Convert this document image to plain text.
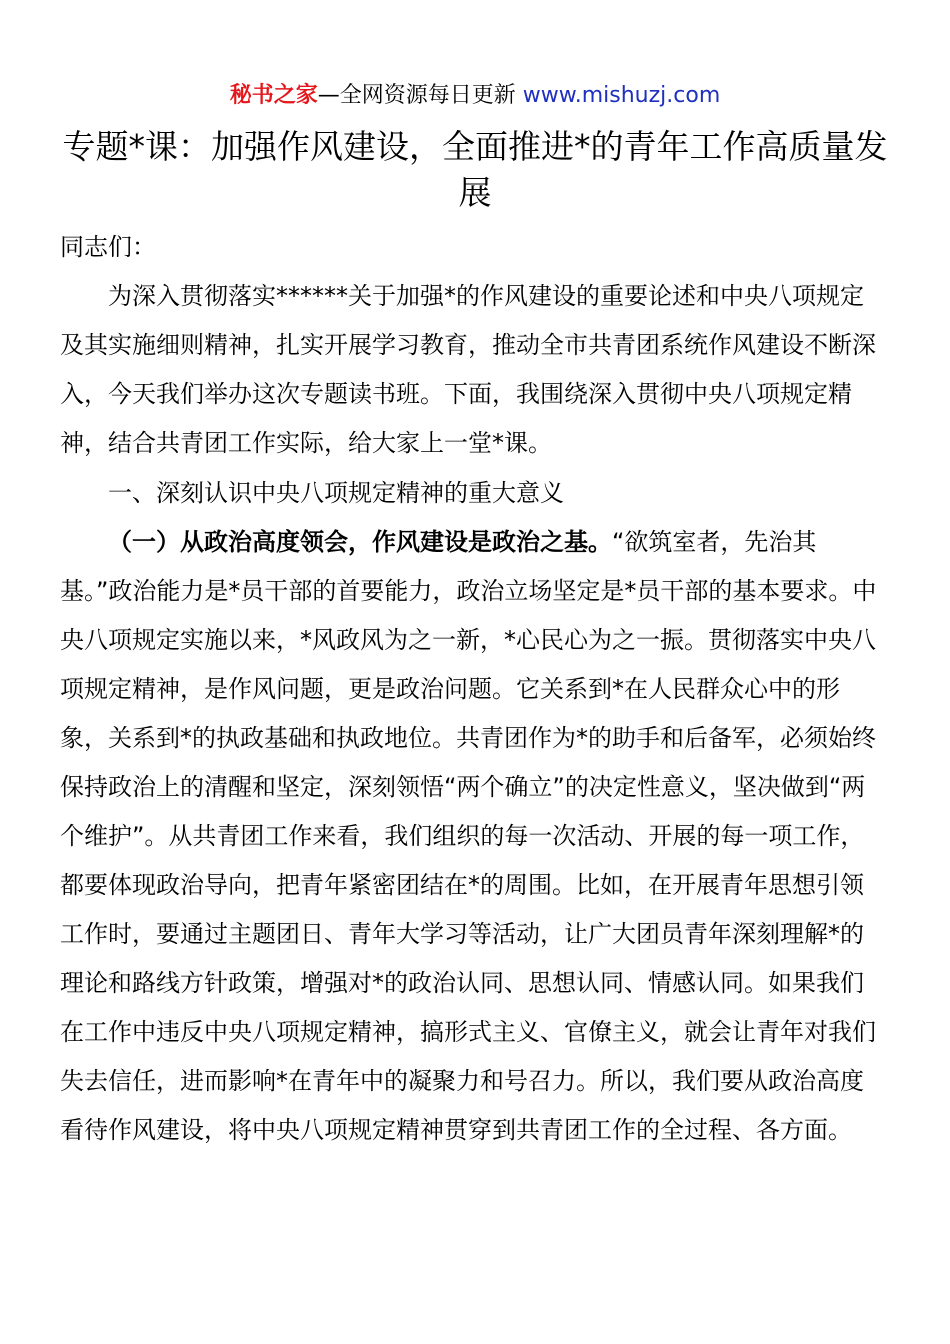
秘书之家—全网资源每日更新 www.mishuzj.com
专题*课：加强作风建设，全面推进*的青年工作高质量发展
同志们：
为深入贯彻落实******关于加强*的作风建设的重要论述和中央八项规定及其实施细则精神，扎实开展学习教育，推动全市共青团系统作风建设不断深入，今天我们举办这次专题读书班。下面，我围绕深入贯彻中央八项规定精神，结合共青团工作实际，给大家上一堂*课。
一、深刻认识中央八项规定精神的重大意义
（一）从政治高度领会，作风建设是政治之基。“欲筑室者，先治其基。”政治能力是*员干部的首要能力，政治立场坚定是*员干部的基本要求。中央八项规定实施以来，*风政风为之一新，*心民心为之一振。贯彻落实中央八项规定精神，是作风问题，更是政治问题。它关系到*在人民群众心中的形象，关系到*的执政基础和执政地位。共青团作为*的助手和后备军，必须始终保持政治上的清醒和坚定，深刻领悟“两个确立”的决定性意义，坚决做到“两个维护”。从共青团工作来看，我们组织的每一次活动、开展的每一项工作，都要体现政治导向，把青年紧密团结在*的周围。比如，在开展青年思想引领工作时，要通过主题团日、青年大学习等活动，让广大团员青年深刻理解*的理论和路线方针政策，增强对*的政治认同、思想认同、情感认同。如果我们在工作中违反中央八项规定精神，搞形式主义、官僚主义，就会让青年对我们失去信任，进而影响*在青年中的凝聚力和号召力。所以，我们要从政治高度看待作风建设，将中央八项规定精神贯穿到共青团工作的全过程、各方面。
